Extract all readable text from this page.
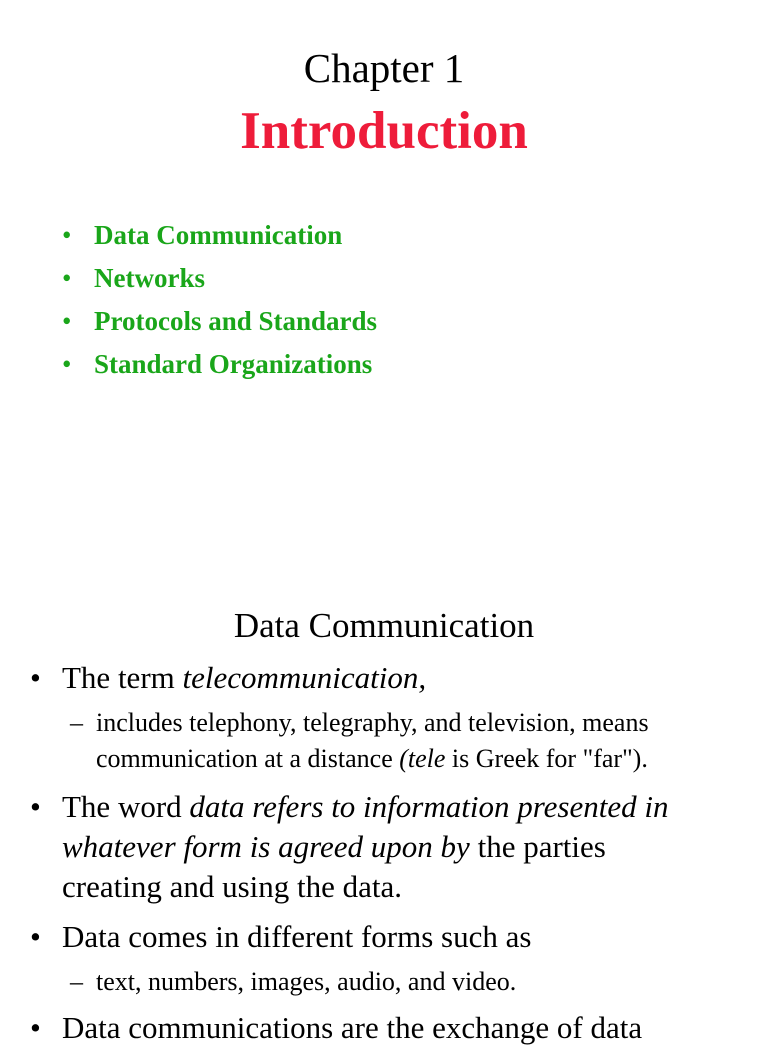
Chapter 1
Introduction
• Data Communication
• Networks
• Protocols and Standards
• Standard Organizations
Data Communication
• The term telecommunication,
– includes telephony, telegraphy, and television, means
communication at a distance (tele is Greek for "far").
• The word data refers to information presented in
whatever form is agreed upon by the parties
creating and using the data.
• Data comes in different forms such as
– text, numbers, images, audio, and video.
• Data communications are the exchange of data
